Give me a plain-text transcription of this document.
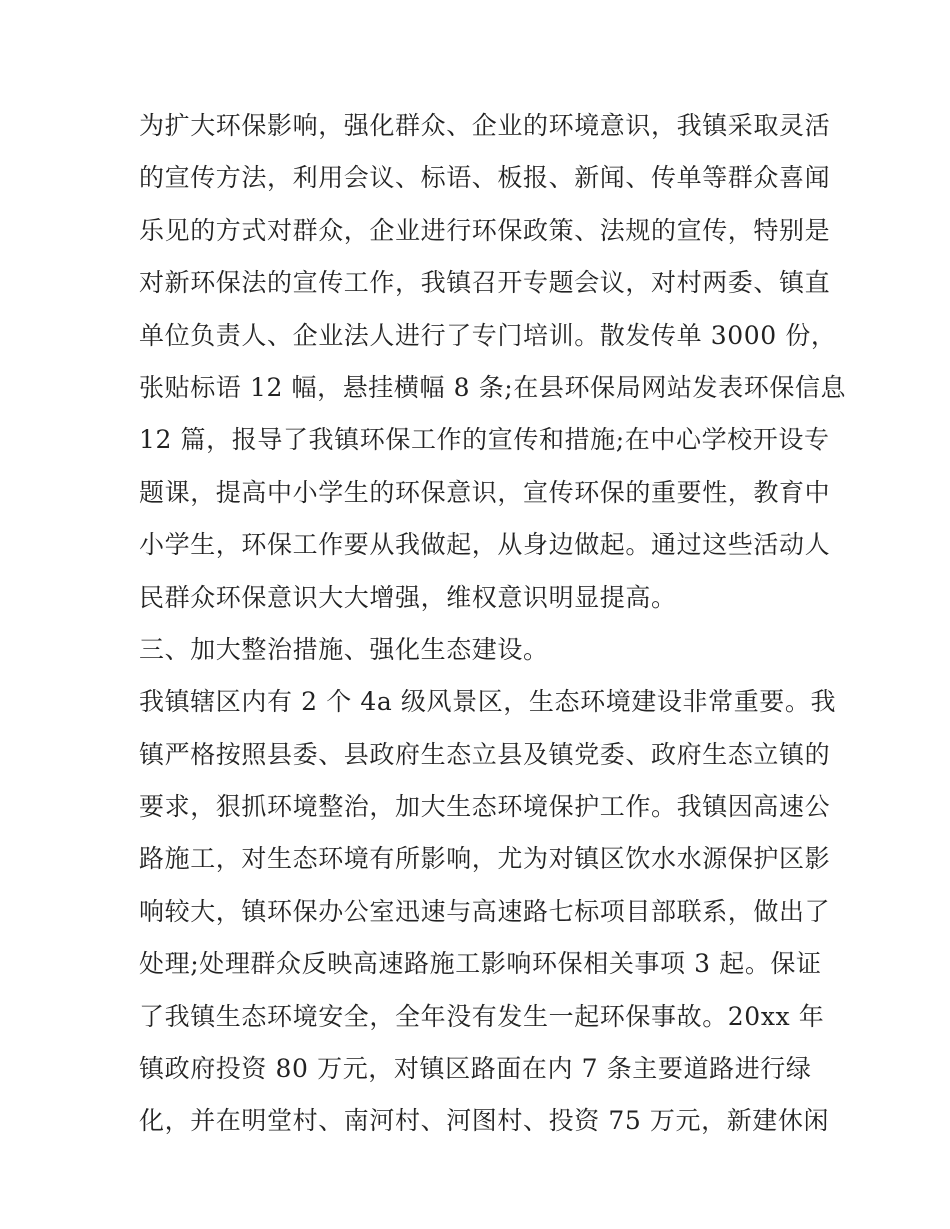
为扩大环保影响，强化群众、企业的环境意识，我镇采取灵活
的宣传方法，利用会议、标语、板报、新闻、传单等群众喜闻
乐见的方式对群众，企业进行环保政策、法规的宣传，特别是
对新环保法的宣传工作，我镇召开专题会议，对村两委、镇直
单位负责人、企业法人进行了专门培训。散发传单 3000 份，
张贴标语 12 幅，悬挂横幅 8 条;在县环保局网站发表环保信息
12 篇，报导了我镇环保工作的宣传和措施;在中心学校开设专
题课，提高中小学生的环保意识，宣传环保的重要性，教育中
小学生，环保工作要从我做起，从身边做起。通过这些活动人
民群众环保意识大大增强，维权意识明显提高。
三、加大整治措施、强化生态建设。
我镇辖区内有 2 个 4a 级风景区，生态环境建设非常重要。我
镇严格按照县委、县政府生态立县及镇党委、政府生态立镇的
要求，狠抓环境整治，加大生态环境保护工作。我镇因高速公
路施工，对生态环境有所影响，尤为对镇区饮水水源保护区影
响较大，镇环保办公室迅速与高速路七标项目部联系，做出了
处理;处理群众反映高速路施工影响环保相关事项 3 起。保证
了我镇生态环境安全，全年没有发生一起环保事故。20xx 年
镇政府投资 80 万元，对镇区路面在内 7 条主要道路进行绿
化，并在明堂村、南河村、河图村、投资 75 万元，新建休闲
